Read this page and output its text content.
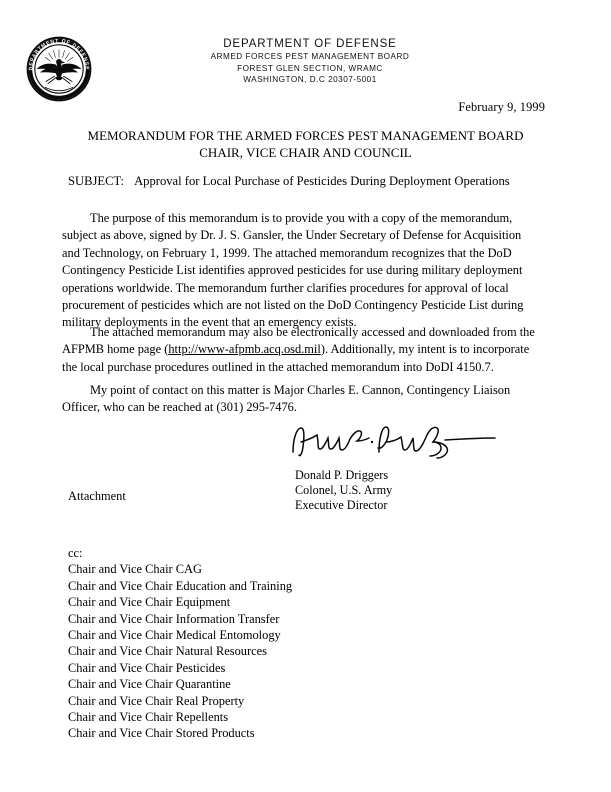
DEPARTMENT OF DEFENSE
DEPARTMENT OF DEFENSE
ARMED FORCES PEST MANAGEMENT BOARD
FOREST GLEN SECTION, WRAMC
WASHINGTON, D.C 20307-5001
February 9, 1999
MEMORANDUM FOR THE ARMED FORCES PEST MANAGEMENT BOARD
CHAIR, VICE CHAIR AND COUNCIL
SUBJECT: Approval for Local Purchase of Pesticides During Deployment Operations

The purpose of this memorandum is to provide you with a copy of the memorandum, subject as above, signed by Dr. J. S. Gansler, the Under Secretary of Defense for Acquisition and Technology, on February 1, 1999. The attached memorandum recognizes that the DoD Contingency Pesticide List identifies approved pesticides for use during military deployment operations worldwide. The memorandum further clarifies procedures for approval of local procurement of pesticides which are not listed on the DoD Contingency Pesticide List during military deployments in the event that an emergency exists.

The attached memorandum may also be electronically accessed and downloaded from the AFPMB home page (http://www-afpmb.acq.osd.mil). Additionally, my intent is to incorporate the local purchase procedures outlined in the attached memorandum into DoDI 4150.7.

My point of contact on this matter is Major Charles E. Cannon, Contingency Liaison Officer, who can be reached at (301) 295-7476.

Donald P. Driggers
Colonel, U.S. Army
Executive Director
Attachment
cc:
Chair and Vice Chair CAG
Chair and Vice Chair Education and Training
Chair and Vice Chair Equipment
Chair and Vice Chair Information Transfer
Chair and Vice Chair Medical Entomology
Chair and Vice Chair Natural Resources
Chair and Vice Chair Pesticides
Chair and Vice Chair Quarantine
Chair and Vice Chair Real Property
Chair and Vice Chair Repellents
Chair and Vice Chair Stored Products
